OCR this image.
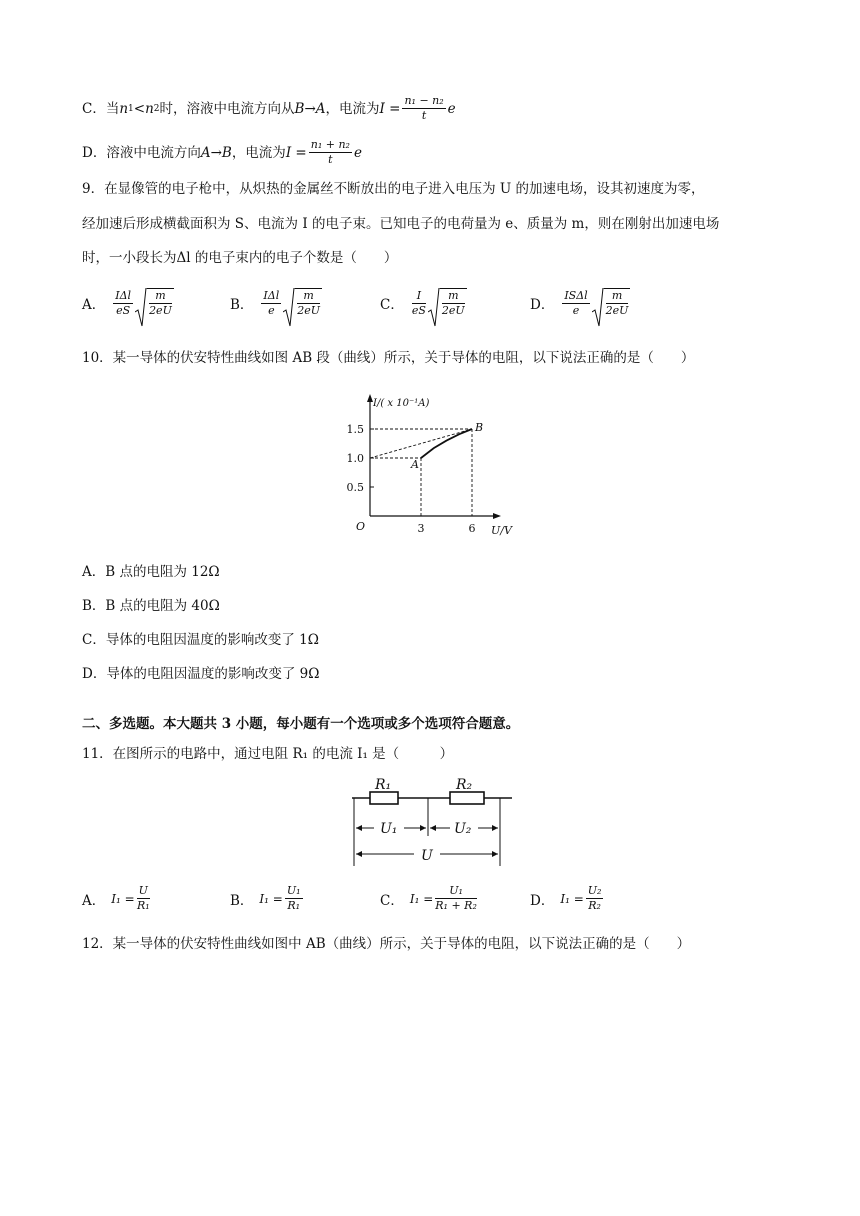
C． 当 n 1 < n 2 时，溶液中电流方向从 B→A ，电流为 $I = \frac{\text{n₁ − n₂}}{t}$ e
D． 溶液中电流方向 A→B ，电流为 $I = \frac{\text{n₁ + n₂}}{t}$ e
9．在显像管的电子枪中，从炽热的金属丝不断放出的电子进入电压为 U 的加速电场，设其初速度为零，
经加速后形成横截面积为 S、电流为 I 的电子束。已知电子的电荷量为 e、质量为 m，则在刚射出加速电场
时，一小段长为Δl 的电子束内的电子个数是（　　）
A． $\frac{\text{IΔl}}{eS} \frac{m}{2eU}$	B． $\frac{\text{IΔl}}{e} \frac{m}{2eU}$	C． $\frac{I}{eS} \frac{m}{2eU}$	D． $\frac{\text{ISΔl}}{e} \frac{m}{2eU}$
10．某一导体的伏安特性曲线如图 AB 段（曲线）所示，关于导体的电阻，以下说法正确的是（　　）
I/( x 10⁻¹A)
U/V
O
0.5
1.0
1.5
3	6
A
B
A．B 点的电阻为 12Ω
B．B 点的电阻为 40Ω
C．导体的电阻因温度的影响改变了 1Ω
D．导体的电阻因温度的影响改变了 9Ω
二、多选题。本大题共 3 小题，每小题有一个选项或多个选项符合题意。
11．在图所示的电路中，通过电阻 R₁ 的电流 I₁ 是（　　　）
R₁	R₂
U₁	U₂
U
A． $I_1 = \frac{U}{\text{R₁}}$	B． $I_1 = \frac{\text{U₁}}{\text{R₁}}$	C． $I_1 = \frac{\text{U₁}}{\text{R₁ + R₂}}$	D． $I_1 = \frac{\text{U₂}}{\text{R₂}}$
12．某一导体的伏安特性曲线如图中 AB（曲线）所示，关于导体的电阻，以下说法正确的是（　　）
